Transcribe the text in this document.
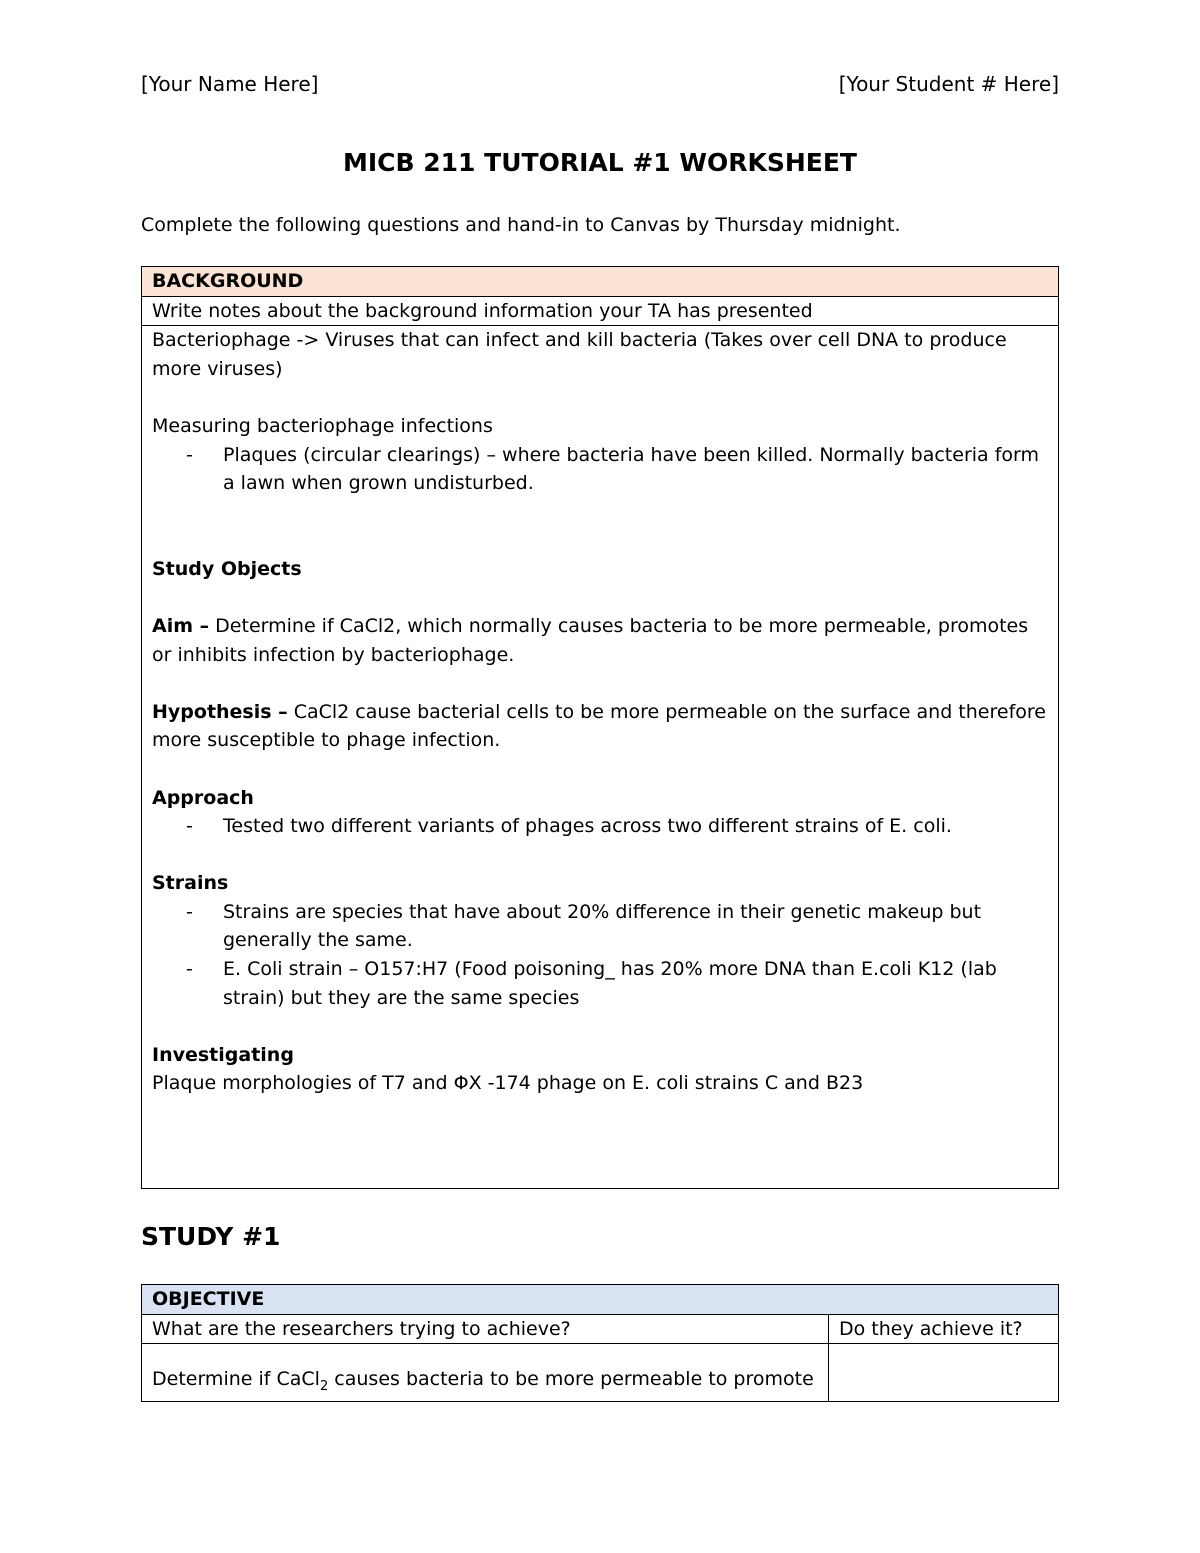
[Your Name Here]	[Your Student # Here]
MICB 211 TUTORIAL #1 WORKSHEET
Complete the following questions and hand-in to Canvas by Thursday midnight.
BACKGROUND
Write notes about the background information your TA has presented

Bacteriophage -> Viruses that can infect and kill bacteria (Takes over cell DNA to produce more viruses)

Measuring bacteriophage infections

- Plaques (circular clearings) – where bacteria have been killed. Normally bacteria form a lawn when grown undisturbed.

Study Objects

Aim – Determine if CaCl2, which normally causes bacteria to be more permeable, promotes or inhibits infection by bacteriophage.

Hypothesis – CaCl2 cause bacterial cells to be more permeable on the surface and therefore more susceptible to phage infection.

Approach

- Tested two different variants of phages across two different strains of E. coli.

Strains

- Strains are species that have about 20% difference in their genetic makeup but generally the same.

- E. Coli strain – O157:H7 (Food poisoning_ has 20% more DNA than E.coli K12 (lab strain) but they are the same species

Investigating

Plaque morphologies of T7 and ΦX -174 phage on E. coli strains C and B23

STUDY #1
OBJECTIVE	
What are the researchers trying to achieve?	Do they achieve it?
Determine if CaCl$_2$ causes bacteria to be more permeable to promote	
